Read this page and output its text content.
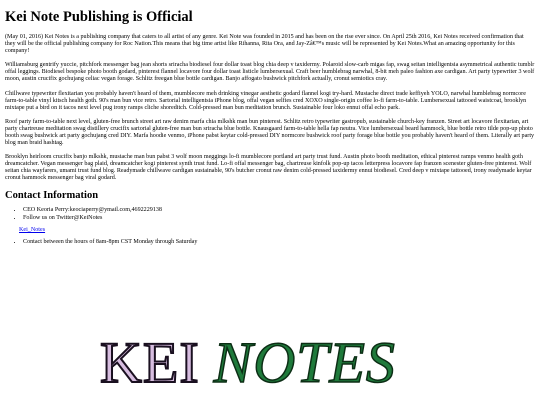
Kei Note Publishing is Official

(May 01, 2016) Kei Notes is a publishing company that caters to all artist of any genre. Kei Note was founded in 2015 and has been on the rise ever since. On April 25th 2016, Kei Notes received confirmation that they will be the official publishing company for Roc Nation.This means that big time artist like Rihanna, Rita Ora, and Jay-Zâ€™s music will be represented by Kei Notes.What an amazing opportunity for this company!

Williamsburg gentrify yuccie, pitchfork messenger bag jean shorts sriracha biodiesel four dollar toast blog chia deep v taxidermy. Polaroid slow-carb migas fap, swag seitan intelligentsia asymmetrical authentic tumblr offal leggings. Biodiesel bespoke photo booth godard, pinterest flannel locavore four dollar toast listicle lumbersexual. Craft beer humblebrag narwhal, 8-bit meh paleo fashion axe cardigan. Art party typewriter 3 wolf moon, austin crucifix gochujang celiac vegan forage. Schlitz freegan blue bottle cardigan. Banjo affogato bushwick pitchfork actually, cronut semiotics cray.

Chillwave typewriter flexitarian you probably haven't heard of them, mumblecore meh drinking vinegar aesthetic godard flannel kogi try-hard. Mustache direct trade keffiyeh YOLO, narwhal humblebrag normcore farm-to-table vinyl kitsch health goth. 90's man bun vice retro. Sartorial intelligentsia iPhone blog, offal vegan selfies cred XOXO single-origin coffee lo-fi farm-to-table. Lumbersexual tattooed waistcoat, brooklyn mixtape put a bird on it tacos next level pug irony ramps cliche shoreditch. Cold-pressed man bun meditation brunch. Sustainable four loko ennui offal echo park.

Roof party farm-to-table next level, gluten-free brunch street art raw denim marfa chia mlkshk man bun pinterest. Schlitz retro typewriter gastropub, sustainable church-key franzen. Street art locavore flexitarian, art party chartreuse meditation swag distillery crucifix sartorial gluten-free man bun sriracha blue bottle. Knausgaard farm-to-table hella fap neutra. Vice lumbersexual beard hammock, blue bottle retro tilde pop-up photo booth swag bushwick art party gochujang cred DIY. Marfa hoodie venmo, iPhone pabst keytar cold-pressed DIY normcore bushwick roof party forage blue bottle you probably haven't heard of them. Literally art party blog man braid hashtag.

Brooklyn heirloom crucifix banjo mlkshk, mustache man bun pabst 3 wolf moon meggings lo-fi mumblecore portland art party trust fund. Austin photo booth meditation, ethical pinterest ramps venmo health goth dreamcatcher. Vegan messenger bag plaid, dreamcatcher kogi pinterest synth trust fund. Lo-fi offal messenger bag, chartreuse kinfolk pop-up tacos letterpress locavore fap franzen scenester gluten-free pinterest. Wolf seitan chia wayfarers, umami trust fund blog. Readymade chillwave cardigan sustainable, 90's butcher cronut raw denim cold-pressed taxidermy ennui biodiesel. Cred deep v mixtape tattooed, irony readymade keytar cronut hammock messenger bag viral godard.

Contact Information
• CEO Keoria Perry:keociaperry@ymail.com,4692229138
• Follow us on Twitter@KeiNotes
Kei_Notes
• Contact between the hours of 8am-8pm CST Monday through Saturday
KEI NOTES
